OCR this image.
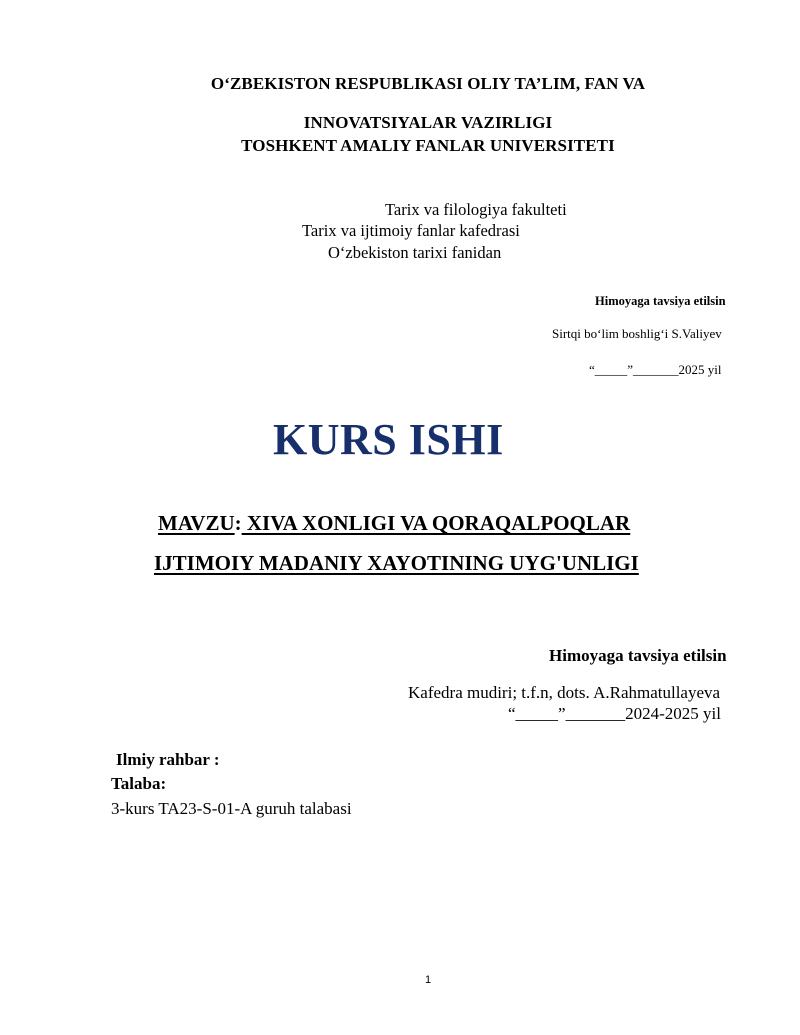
O‘ZBEKISTON RESPUBLIKASI OLIY TA’LIM, FAN VA
INNOVATSIYALAR VAZIRLIGI
TOSHKENT AMALIY FANLAR UNIVERSITETI
Tarix va filologiya fakulteti
Tarix va ijtimoiy fanlar kafedrasi
O‘zbekiston tarixi fanidan
Himoyaga tavsiya etilsin
Sirtqi bo‘lim boshlig‘i S.Valiyev
“_____”_______2025 yil
KURS ISHI
MAVZU: XIVA XONLIGI VA QORAQALPOQLAR
IJTIMOIY MADANIY XAYOTINING UYG'UNLIGI
Himoyaga tavsiya etilsin
Kafedra mudiri; t.f.n, dots. A.Rahmatullayeva
“_____”_______2024-2025 yil
Ilmiy rahbar :
Talaba:
3-kurs TA23-S-01-A guruh talabasi
1
